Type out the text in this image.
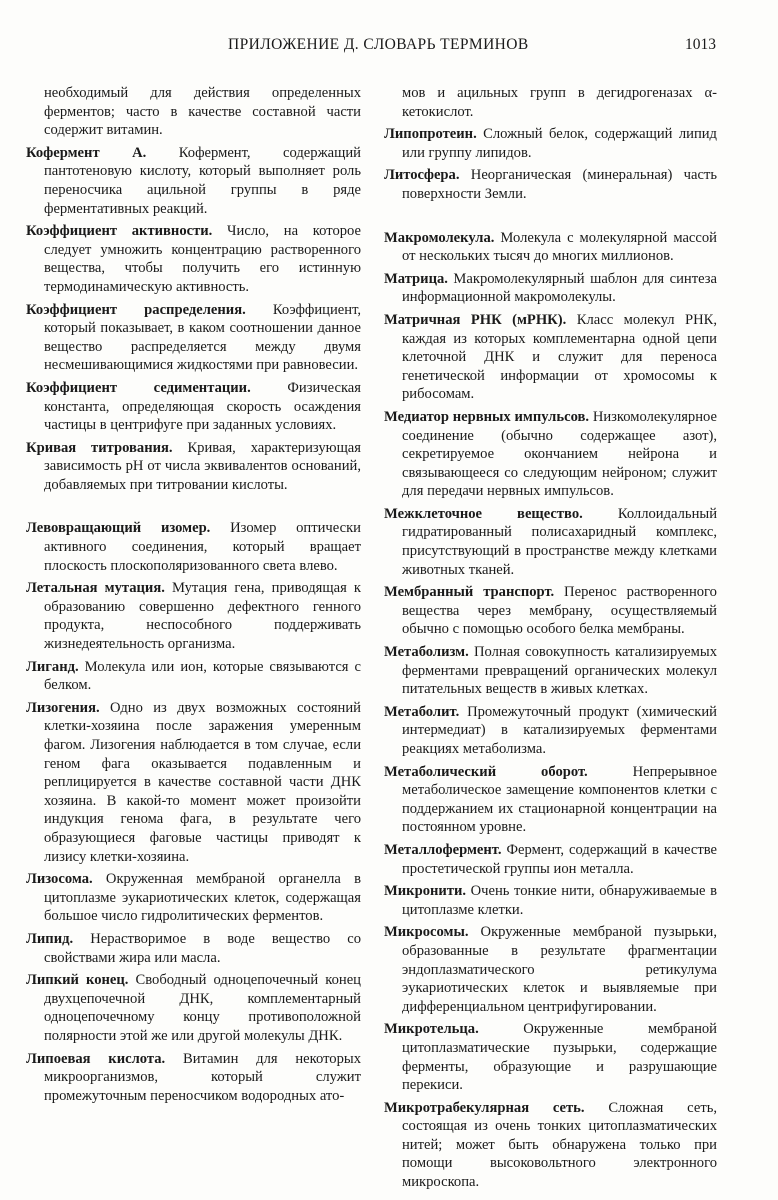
ПРИЛОЖЕНИЕ Д. СЛОВАРЬ ТЕРМИНОВ	1013

необходимый для действия определенных ферментов; часто в качестве составной части содержит витамин.

Кофермент А. Кофермент, содержащий пантотеновую кислоту, который выполняет роль переносчика ацильной группы в ряде ферментативных реакций.

Коэффициент активности. Число, на которое следует умножить концентрацию растворенного вещества, чтобы получить его истинную термодинамическую активность.

Коэффициент распределения. Коэффициент, который показывает, в каком соотношении данное вещество распределяется между двумя несмешивающимися жидкостями при равновесии.

Коэффициент седиментации. Физическая константа, определяющая скорость осаждения частицы в центрифуге при заданных условиях.

Кривая титрования. Кривая, характеризующая зависимость pH от числа эквивалентов оснований, добавляемых при титровании кислоты.

Левовращающий изомер. Изомер оптически активного соединения, который вращает плоскость плоскополяризованного света влево.

Летальная мутация. Мутация гена, приводящая к образованию совершенно дефектного генного продукта, неспособного поддерживать жизнедеятельность организма.

Лиганд. Молекула или ион, которые связываются с белком.

Лизогения. Одно из двух возможных состояний клетки-хозяина после заражения умеренным фагом. Лизогения наблюдается в том случае, если геном фага оказывается подавленным и реплицируется в качестве составной части ДНК хозяина. В какой-то момент может произойти индукция генома фага, в результате чего образующиеся фаговые частицы приводят к лизису клетки-хозяина.

Лизосома. Окруженная мембраной органелла в цитоплазме эукариотических клеток, содержащая большое число гидролитических ферментов.

Липид. Нерастворимое в воде вещество со свойствами жира или масла.

Липкий конец. Свободный одноцепочечный конец двухцепочечной ДНК, комплементарный одноцепочечному концу противоположной полярности этой же или другой молекулы ДНК.

Липоевая кислота. Витамин для некоторых микроорганизмов, который служит промежуточным переносчиком водородных ато-

мов и ацильных групп в дегидрогеназах α-кетокислот.

Липопротеин. Сложный белок, содержащий липид или группу липидов.

Литосфера. Неорганическая (минеральная) часть поверхности Земли.

Макромолекула. Молекула с молекулярной массой от нескольких тысяч до многих миллионов.

Матрица. Макромолекулярный шаблон для синтеза информационной макромолекулы.

Матричная РНК (мРНК). Класс молекул РНК, каждая из которых комплементарна одной цепи клеточной ДНК и служит для переноса генетической информации от хромосомы к рибосомам.

Медиатор нервных импульсов. Низкомолекулярное соединение (обычно содержащее азот), секретируемое окончанием нейрона и связывающееся со следующим нейроном; служит для передачи нервных импульсов.

Межклеточное вещество. Коллоидальный гидратированный полисахаридный комплекс, присутствующий в пространстве между клетками животных тканей.

Мембранный транспорт. Перенос растворенного вещества через мембрану, осуществляемый обычно с помощью особого белка мембраны.

Метаболизм. Полная совокупность катализируемых ферментами превращений органических молекул питательных веществ в живых клетках.

Метаболит. Промежуточный продукт (химический интермедиат) в катализируемых ферментами реакциях метаболизма.

Метаболический оборот. Непрерывное метаболическое замещение компонентов клетки с поддержанием их стационарной концентрации на постоянном уровне.

Металлофермент. Фермент, содержащий в качестве простетической группы ион металла.

Микронити. Очень тонкие нити, обнаруживаемые в цитоплазме клетки.

Микросомы. Окруженные мембраной пузырьки, образованные в результате фрагментации эндоплазматического ретикулума эукариотических клеток и выявляемые при дифференциальном центрифугировании.

Микротельца. Окруженные мембраной цитоплазматические пузырьки, содержащие ферменты, образующие и разрушающие перекиси.

Микротрабекулярная сеть. Сложная сеть, состоящая из очень тонких цитоплазматических нитей; может быть обнаружена только при помощи высоковольтного электронного микроскопа.
